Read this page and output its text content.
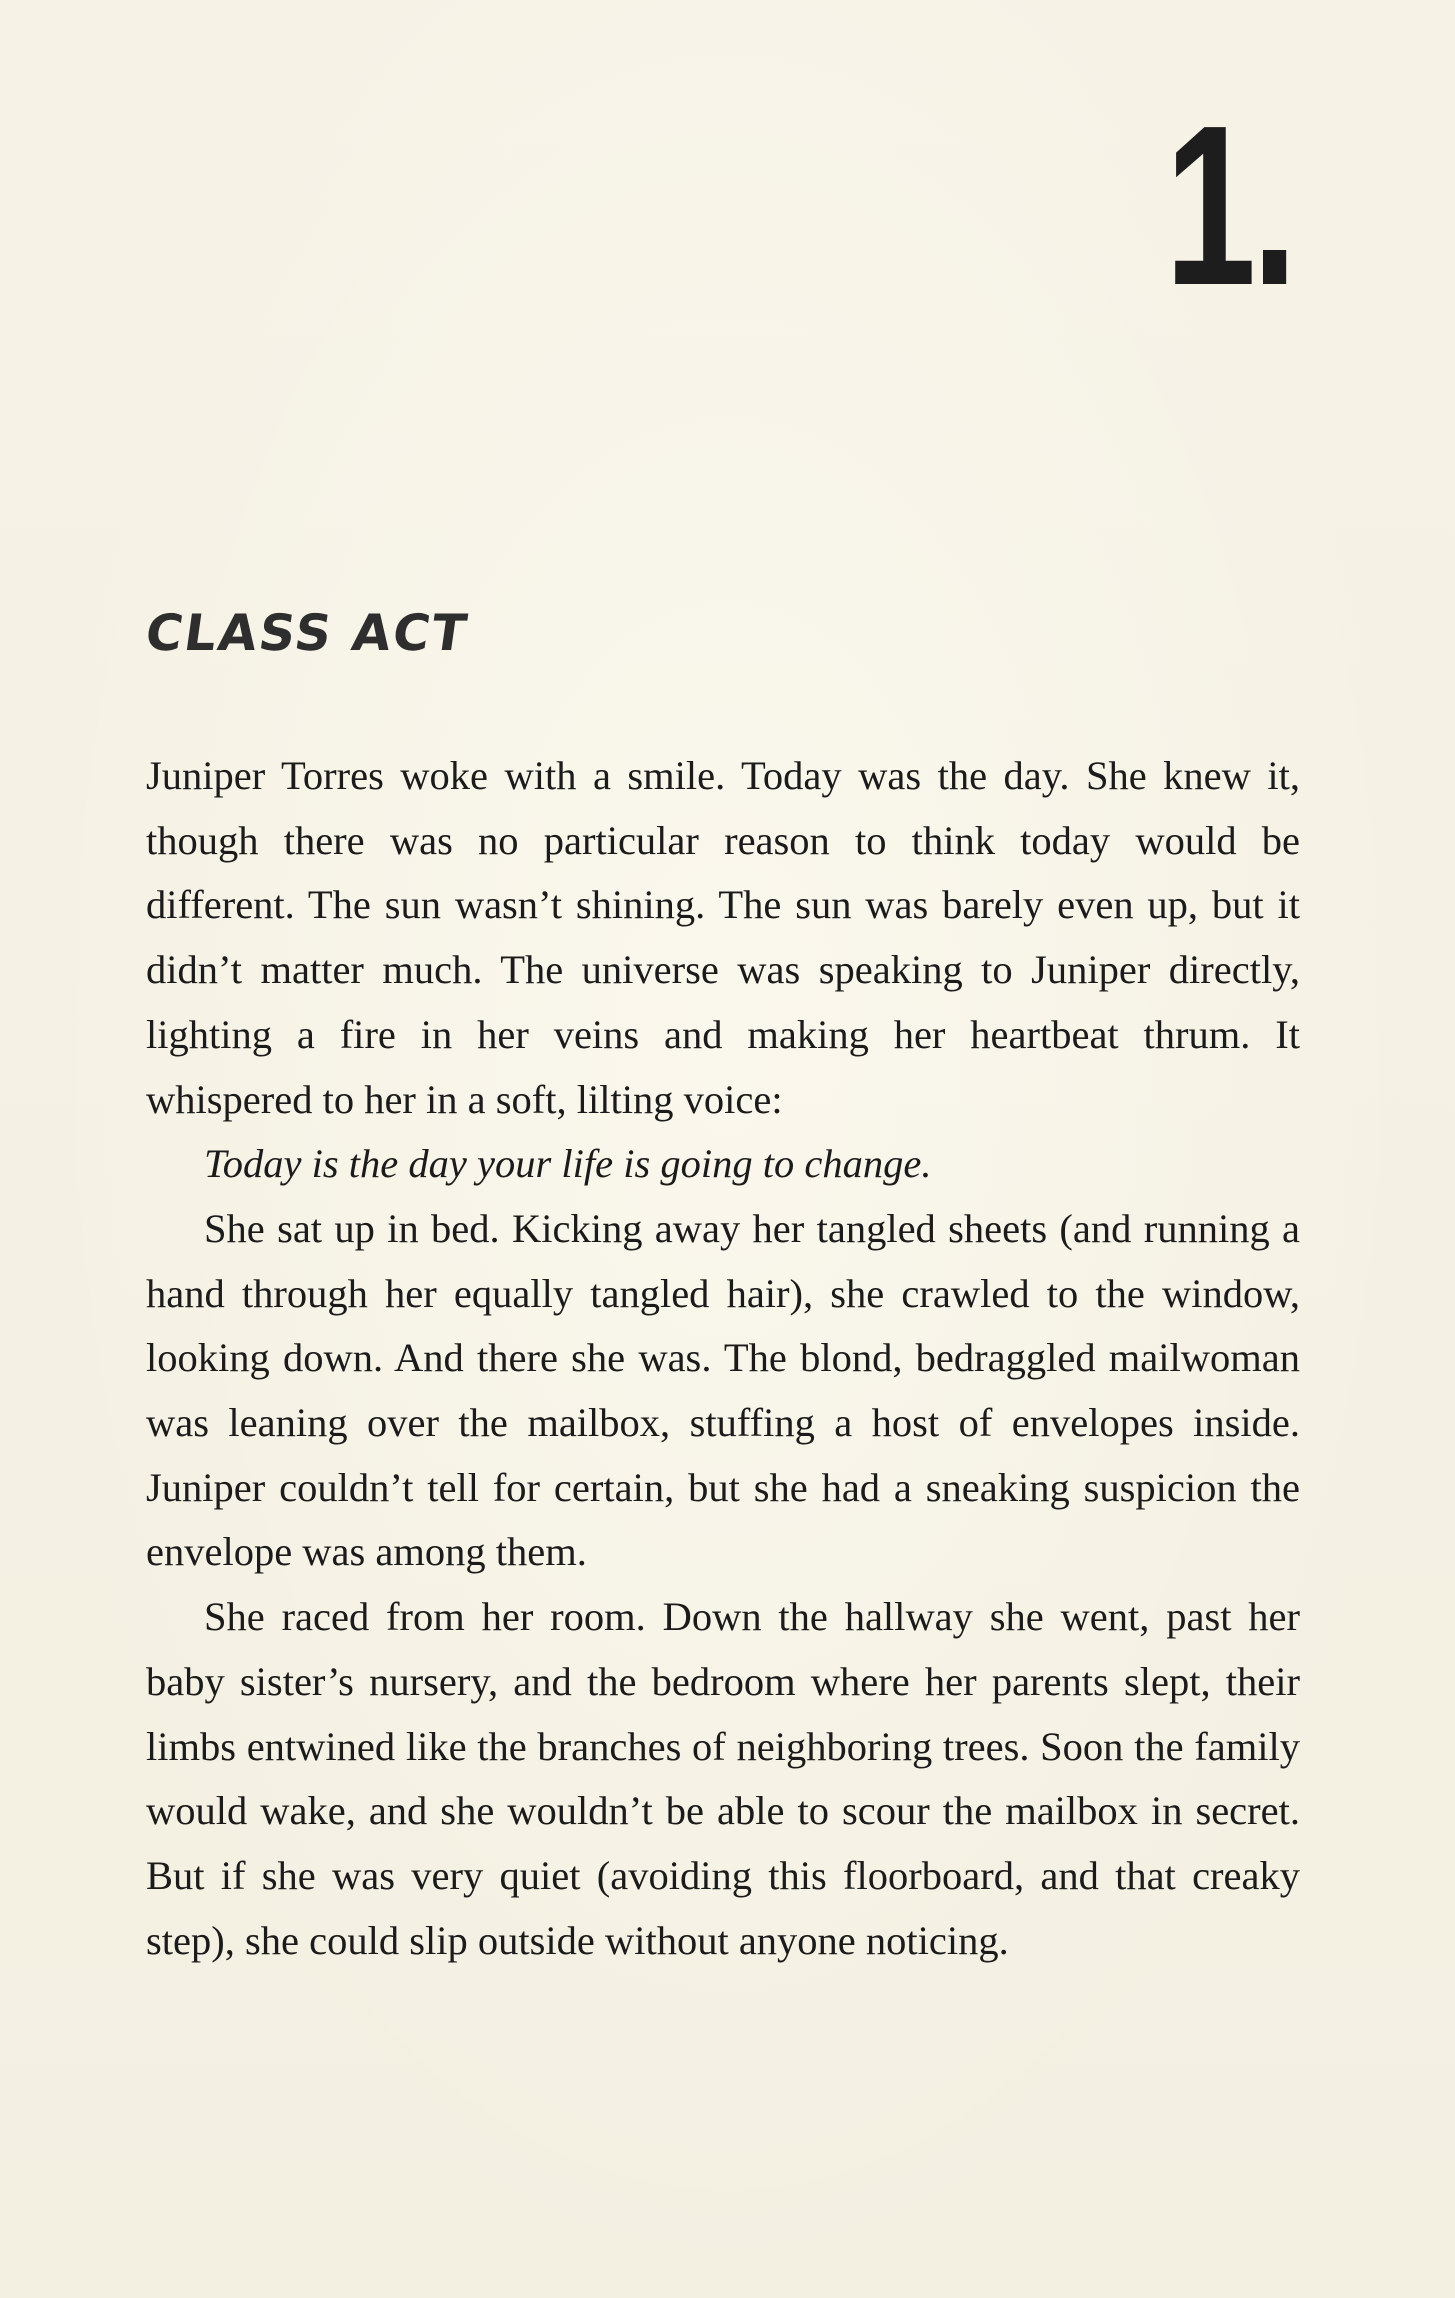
1.
CLASS ACT

Juniper Torres woke with a smile. Today was the day. She knew it, though there was no particular reason to think today would be different. The sun wasn’t shining. The sun was barely even up, but it didn’t matter much. The universe was speaking to Juniper directly, lighting a fire in her veins and making her heartbeat thrum. It whispered to her in a soft, lilting voice:

Today is the day your life is going to change.

She sat up in bed. Kicking away her tangled sheets (and running a hand through her equally tangled hair), she crawled to the window, looking down. And there she was. The blond, bedraggled mailwoman was leaning over the mailbox, stuffing a host of envelopes inside. Juniper couldn’t tell for certain, but she had a sneaking suspicion the envelope was among them.

She raced from her room. Down the hallway she went, past her baby sister’s nursery, and the bedroom where her parents slept, their limbs entwined like the branches of neighboring trees. Soon the family would wake, and she wouldn’t be able to scour the mailbox in secret. But if she was very quiet (avoiding this floorboard, and that creaky step), she could slip outside without anyone noticing.
